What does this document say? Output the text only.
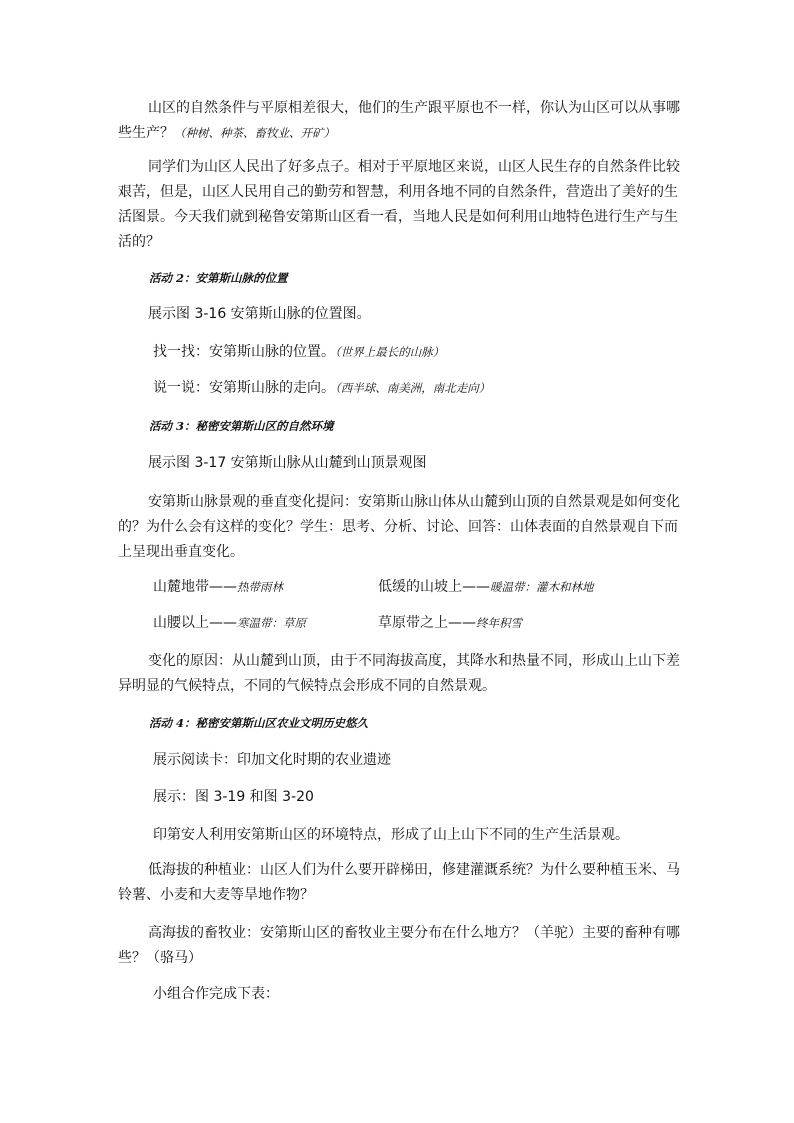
山区的自然条件与平原相差很大，他们的生产跟平原也不一样，你认为山区可以从事哪些生产？（种树、种茶、畜牧业、开矿）

同学们为山区人民出了好多点子。相对于平原地区来说，山区人民生存的自然条件比较艰苦，但是，山区人民用自己的勤劳和智慧，利用各地不同的自然条件，营造出了美好的生活图景。今天我们就到秘鲁安第斯山区看一看，当地人民是如何利用山地特色进行生产与生活的？

活动 2：安第斯山脉的位置

展示图 3-16 安第斯山脉的位置图。

找一找：安第斯山脉的位置。（世界上最长的山脉）

说一说：安第斯山脉的走向。（西半球、南美洲，南北走向）

活动 3：秘密安第斯山区的自然环境

展示图 3-17 安第斯山脉从山麓到山顶景观图

安第斯山脉景观的垂直变化提问：安第斯山脉山体从山麓到山顶的自然景观是如何变化的？为什么会有这样的变化？学生：思考、分析、讨论、回答：山体表面的自然景观自下而上呈现出垂直变化。

山麓地带——热带雨林	低缓的山坡上——暖温带：灌木和林地

山腰以上——寒温带：草原	草原带之上——终年积雪

变化的原因：从山麓到山顶，由于不同海拔高度，其降水和热量不同，形成山上山下差异明显的气候特点，不同的气候特点会形成不同的自然景观。

活动 4：秘密安第斯山区农业文明历史悠久

展示阅读卡：印加文化时期的农业遗迹

展示：图 3-19 和图 3-20

印第安人利用安第斯山区的环境特点，形成了山上山下不同的生产生活景观。

低海拔的种植业：山区人们为什么要开辟梯田，修建灌溉系统？为什么要种植玉米、马铃薯、小麦和大麦等旱地作物？

高海拔的畜牧业：安第斯山区的畜牧业主要分布在什么地方？（羊驼）主要的畜种有哪些？（骆马）

小组合作完成下表：
